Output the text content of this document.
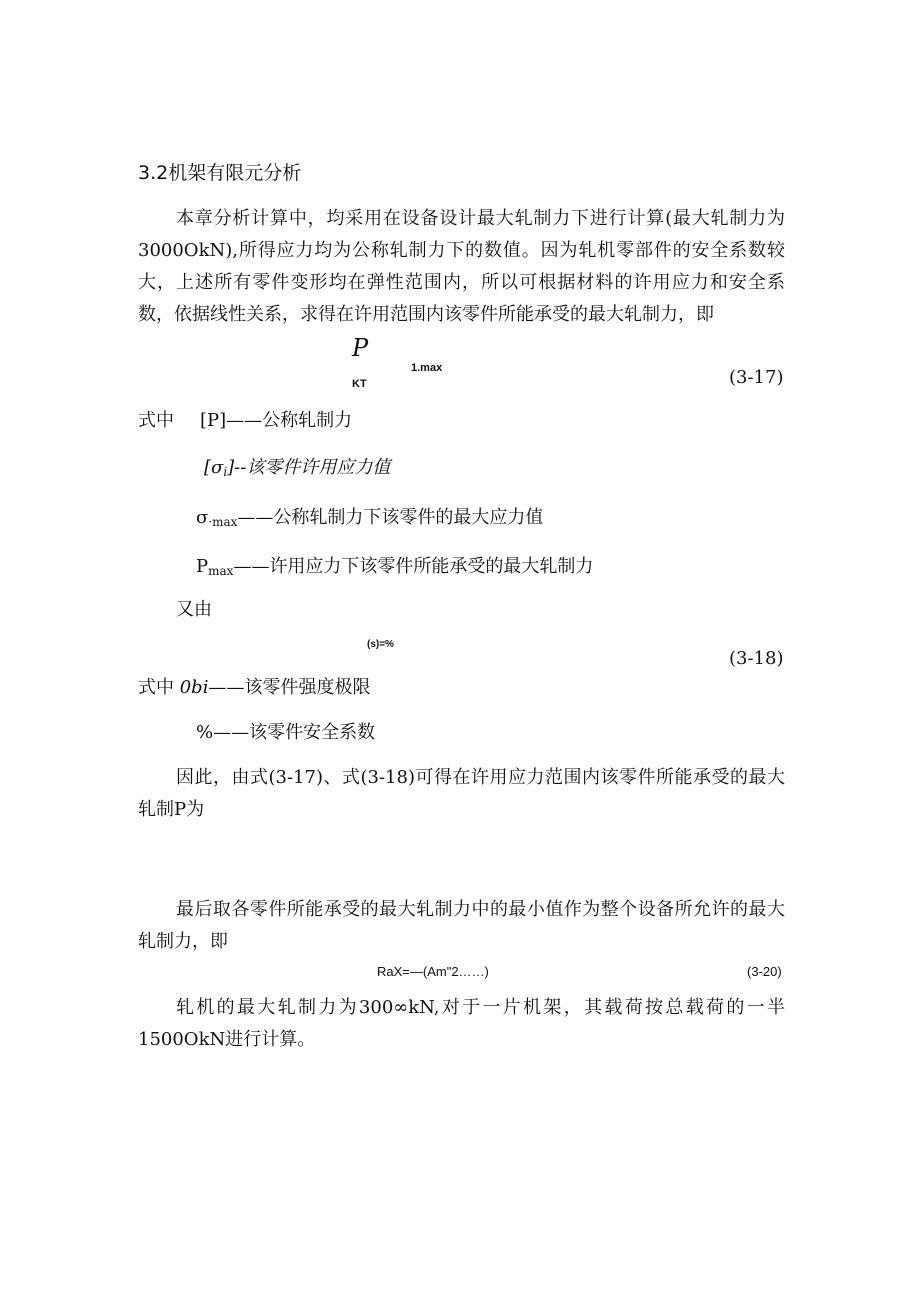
3.2机架有限元分析

本章分析计算中，均采用在设备设计最大轧制力下进行计算(最大轧制力为3000OkN),所得应力均为公称轧制力下的数值。因为轧机零部件的安全系数较大，上述所有零件变形均在弹性范围内，所以可根据材料的许用应力和安全系数，依据线性关系，求得在许用范围内该零件所能承受的最大轧制力，即

P
1.max
KT	(3-17)
式中 [P]——公称轧制力
$[\sigma_i]--$该零件许用应力值
$\sigma_{\cdot max}——$公称轧制力下该零件的最大应力值
$P_{max}——$许用应力下该零件所能承受的最大轧制力
又由
(s)=%
(3-18)
式中 0bi——该零件强度极限
%——该零件安全系数

因此，由式(3-17)、式(3-18)可得在许用应力范围内该零件所能承受的最大轧制P为

最后取各零件所能承受的最大轧制力中的最小值作为整个设备所允许的最大轧制力，即

RaX=—(Am"2……)	(3-20)

轧机的最大轧制力为300∞kN,对于一片机架，其载荷按总载荷的一半1500OkN进行计算。
